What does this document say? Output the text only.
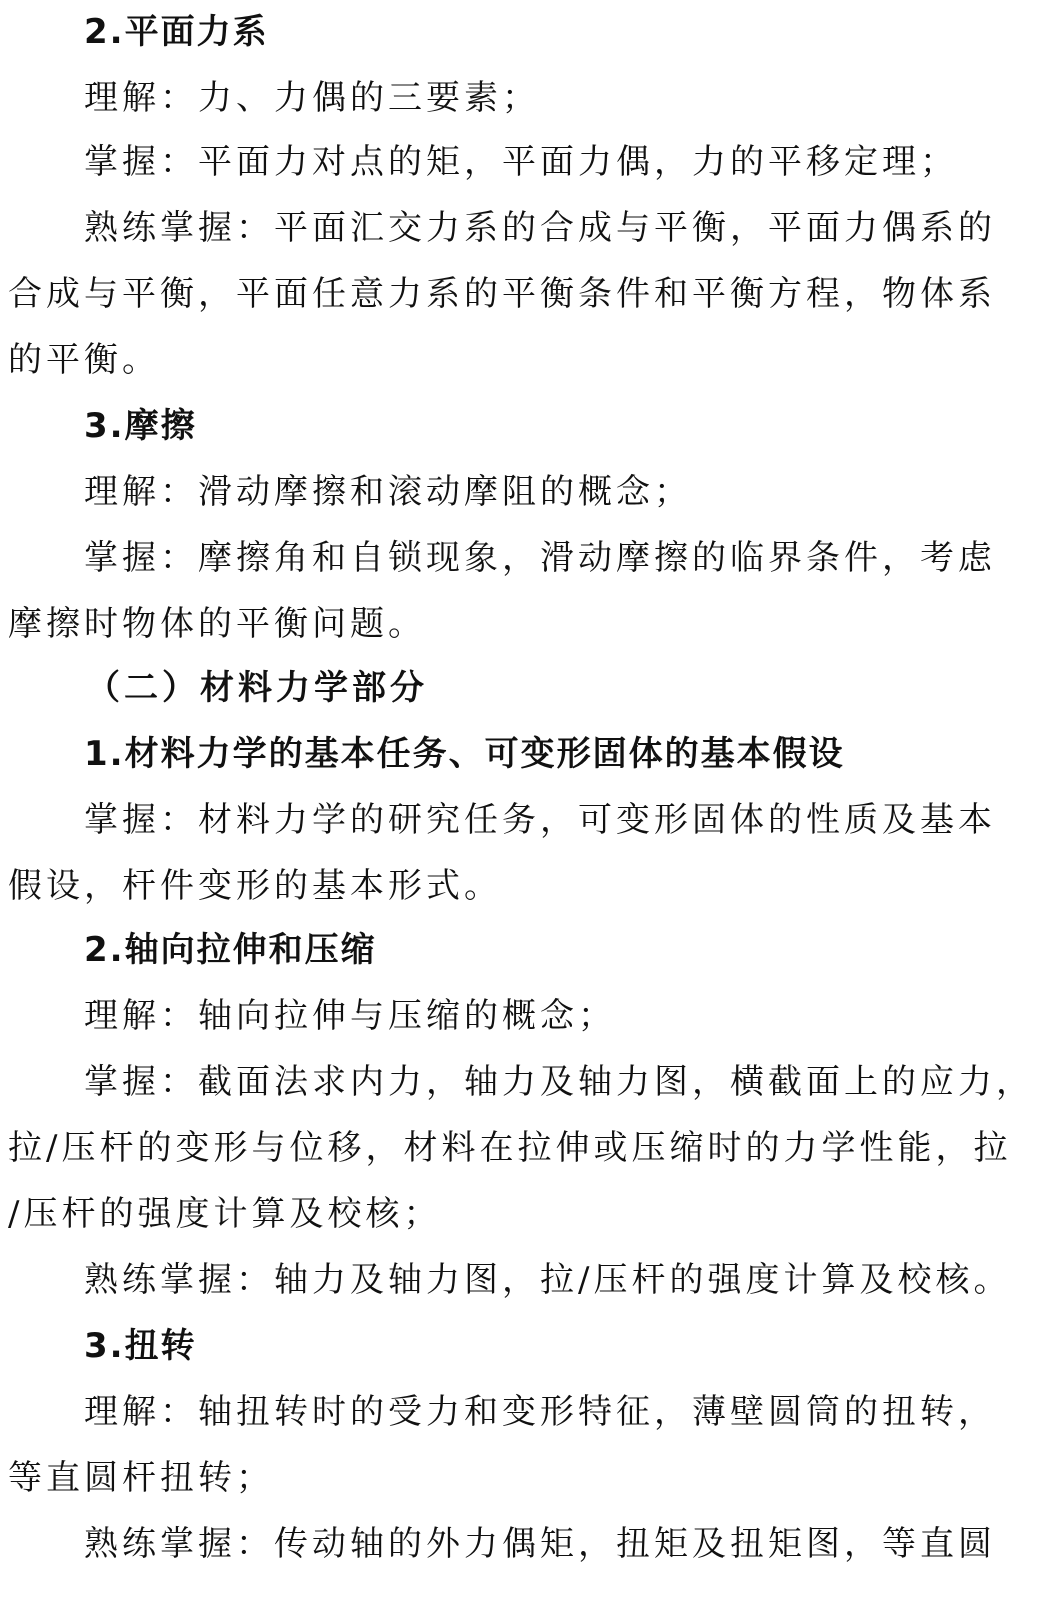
2.平面力系
理解：力、力偶的三要素；
掌握：平面力对点的矩，平面力偶，力的平移定理；
熟练掌握：平面汇交力系的合成与平衡，平面力偶系的
合成与平衡，平面任意力系的平衡条件和平衡方程，物体系
的平衡。
3.摩擦
理解：滑动摩擦和滚动摩阻的概念；
掌握：摩擦角和自锁现象，滑动摩擦的临界条件，考虑
摩擦时物体的平衡问题。
（二）材料力学部分
1.材料力学的基本任务、可变形固体的基本假设
掌握：材料力学的研究任务，可变形固体的性质及基本
假设，杆件变形的基本形式。
2.轴向拉伸和压缩
理解：轴向拉伸与压缩的概念；
掌握：截面法求内力，轴力及轴力图，横截面上的应力，
拉/压杆的变形与位移，材料在拉伸或压缩时的力学性能，拉
/压杆的强度计算及校核；
熟练掌握：轴力及轴力图，拉/压杆的强度计算及校核。
3.扭转
理解：轴扭转时的受力和变形特征，薄壁圆筒的扭转，
等直圆杆扭转；
熟练掌握：传动轴的外力偶矩，扭矩及扭矩图，等直圆
